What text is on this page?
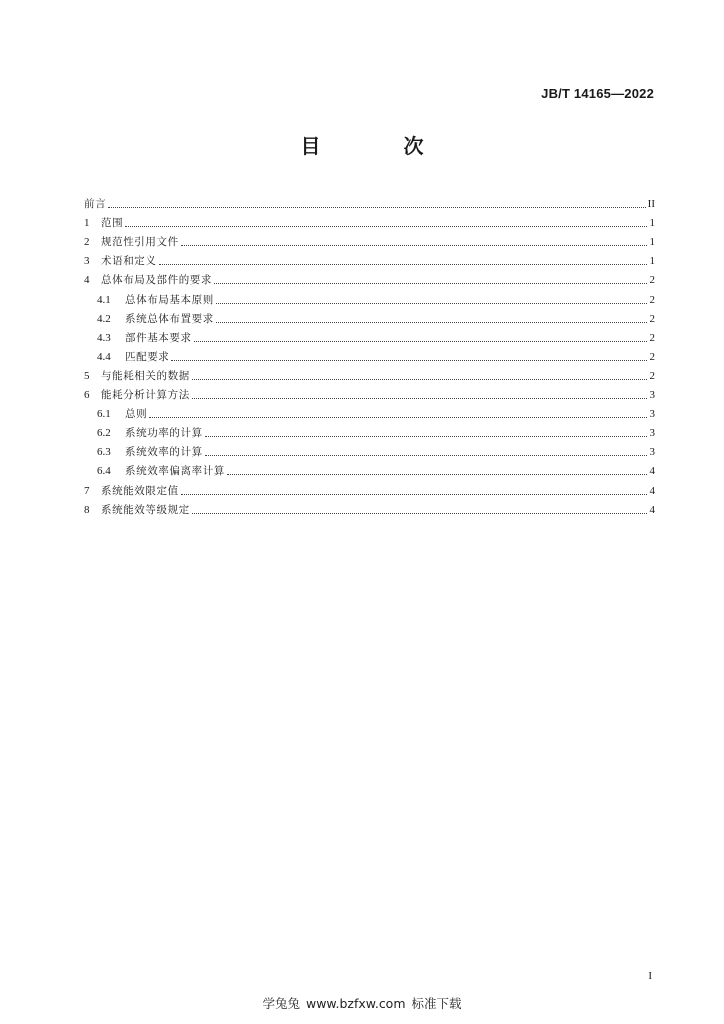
JB/T 14165—2022
目 次
前言	II
1	范围	1
2	规范性引用文件	1
3	术语和定义	1
4	总体布局及部件的要求	2
4.1	总体布局基本原则	2
4.2	系统总体布置要求	2
4.3	部件基本要求	2
4.4	匹配要求	2
5	与能耗相关的数据	2
6	能耗分析计算方法	3
6.1	总则	3
6.2	系统功率的计算	3
6.3	系统效率的计算	3
6.4	系统效率偏离率计算	4
7	系统能效限定值	4
8	系统能效等级规定	4
I
学兔兔 www.bzfxw.com 标准下载
